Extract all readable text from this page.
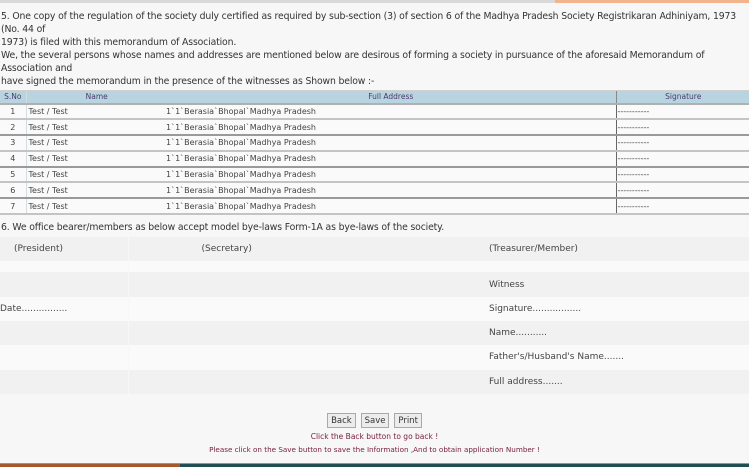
5. One copy of the regulation of the society duly certified as required by sub-section (3) of section 6 of the Madhya Pradesh Society Registrikaran Adhiniyam, 1973 (No. 44 of
1973) is filed with this memorandum of Association.
We, the several persons whose names and addresses are mentioned below are desirous of forming a society in pursuance of the aforesaid Memorandum of Association and
have signed the memorandum in the presence of the witnesses as Shown below :-
S.No	Name	Full Address	Signature
1	Test / Test	1`1`Berasia`Bhopal`Madhya Pradesh	-----------
2	Test / Test	1`1`Berasia`Bhopal`Madhya Pradesh	-----------
3	Test / Test	1`1`Berasia`Bhopal`Madhya Pradesh	-----------
4	Test / Test	1`1`Berasia`Bhopal`Madhya Pradesh	-----------
5	Test / Test	1`1`Berasia`Bhopal`Madhya Pradesh	-----------
6	Test / Test	1`1`Berasia`Bhopal`Madhya Pradesh	-----------
7	Test / Test	1`1`Berasia`Bhopal`Madhya Pradesh	-----------
6. We office bearer/members as below accept model bye-laws Form-1A as bye-laws of the society.
(President)	(Secretary)	(Treasurer/Member)

		Witness
Date................		Signature.................
		Name...........
		Father's/Husband's Name.......
		Full address.......
Back Save Print
Click the Back button to go back !
Please click on the Save button to save the Information ,And to obtain application Number !
